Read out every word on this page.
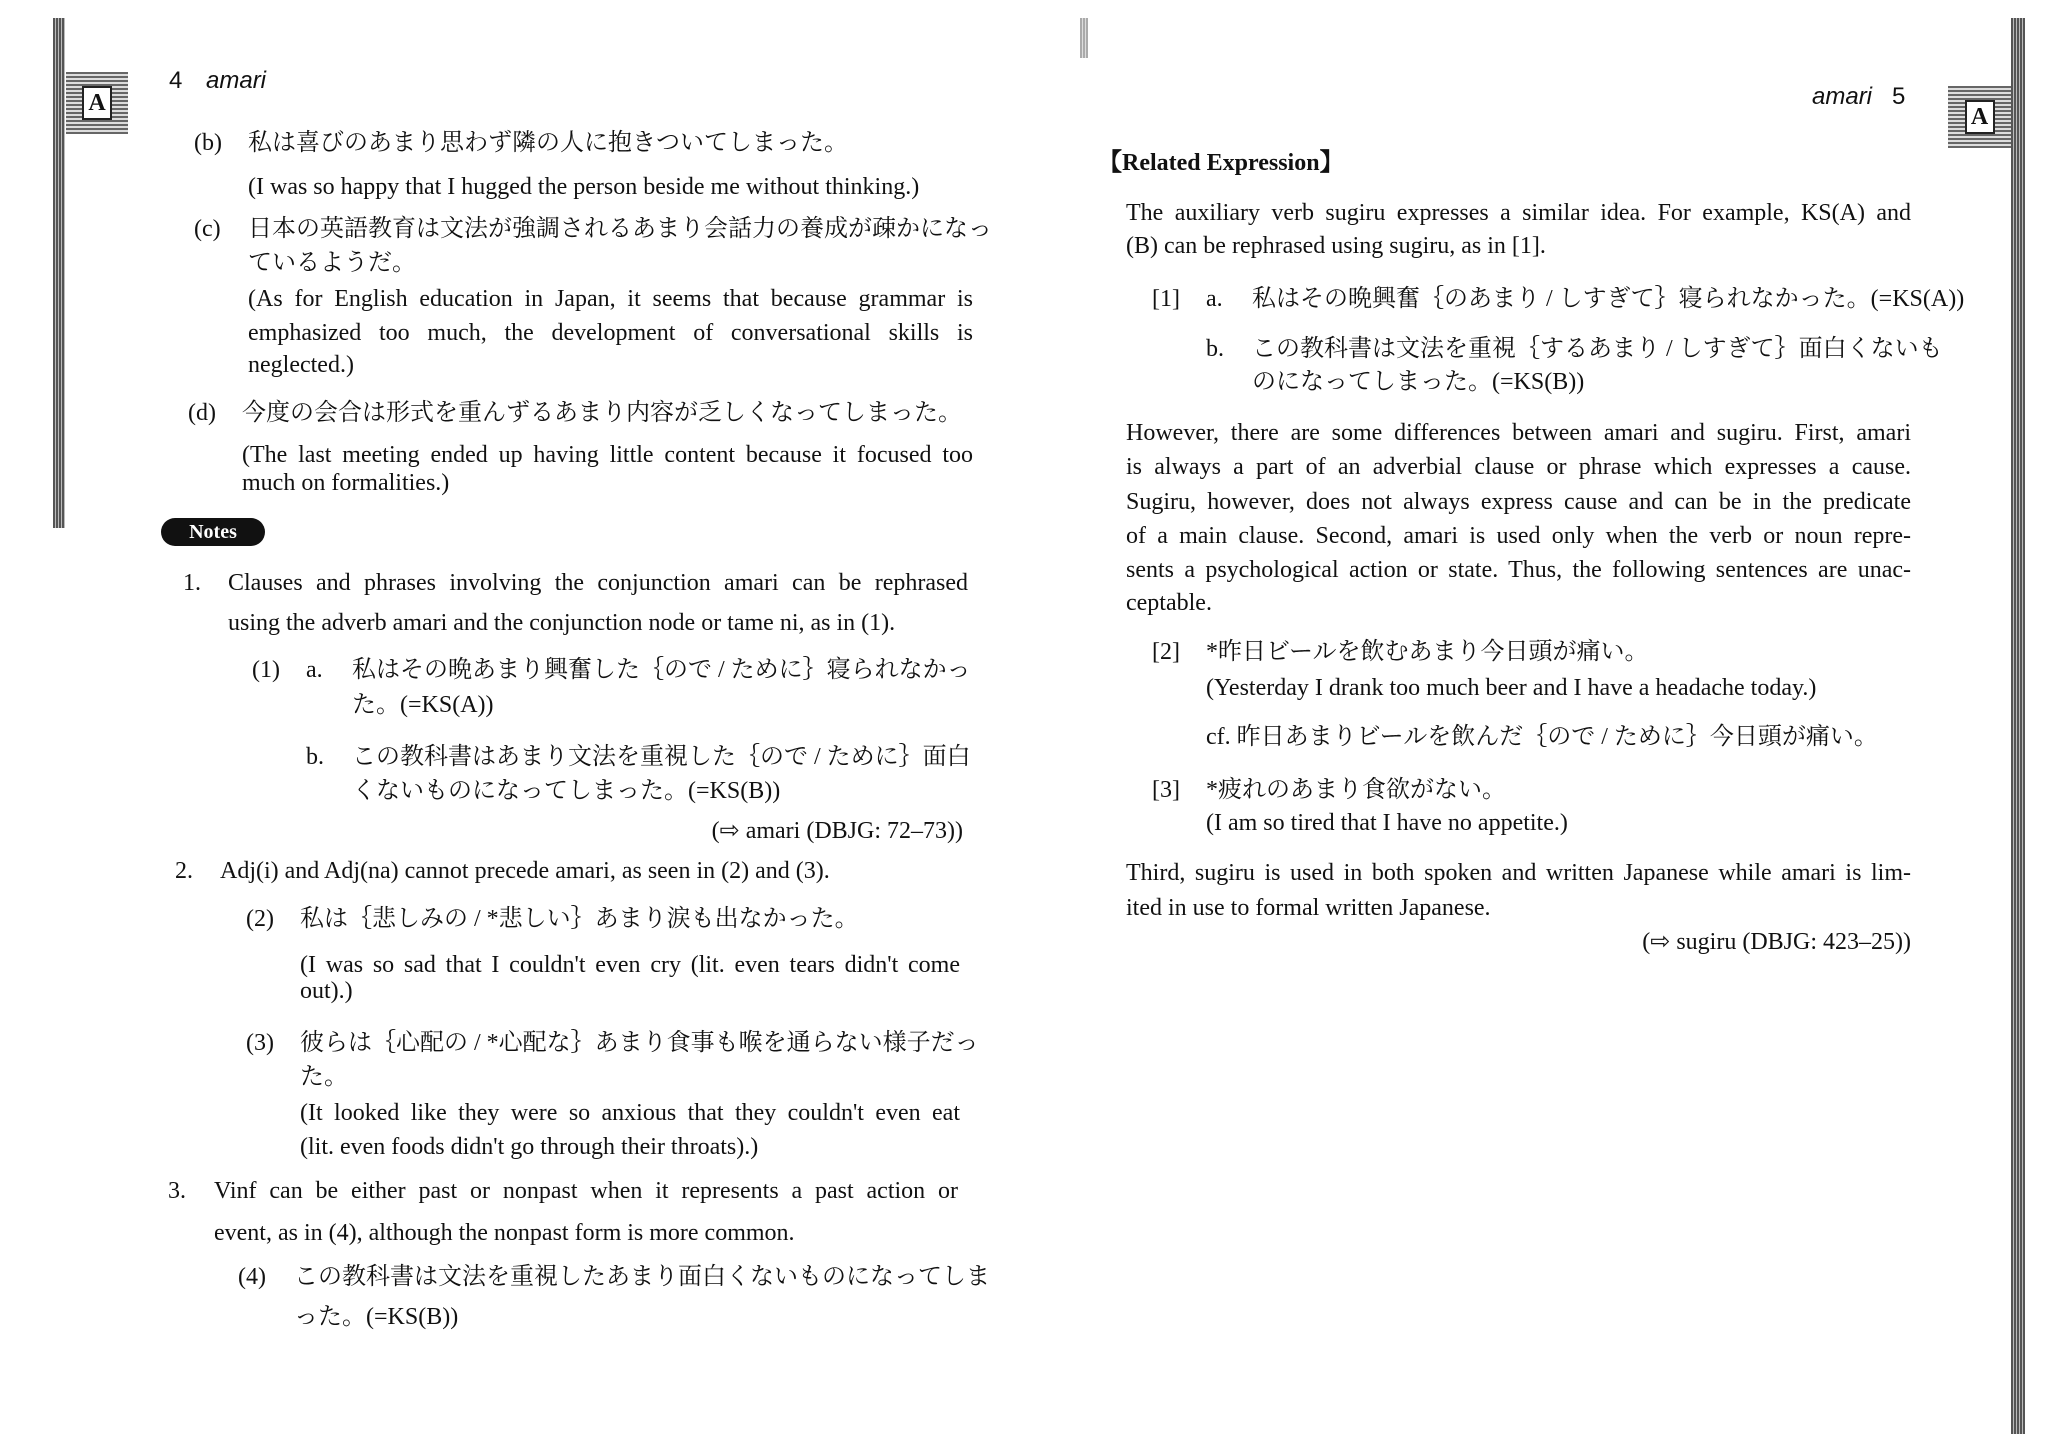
A
4 amari
(b) 私は喜びのあまり思わず隣の人に抱きついてしまった。
(I was so happy that I hugged the person beside me without thinking.)
(c) 日本の英語教育は文法が強調されるあまり会話力の養成が疎かになっ
ているようだ。
(As for English education in Japan, it seems that because grammar is
emphasized too much, the development of conversational skills is
neglected.)
(d) 今度の会合は形式を重んずるあまり内容が乏しくなってしまった。
(The last meeting ended up having little content because it focused too
much on formalities.)
Notes
1. Clauses and phrases involving the conjunction amari can be rephrased
using the adverb amari and the conjunction node or tame ni, as in (1).
(1) a. 私はその晩あまり興奮した｛ので / ために｝寝られなかっ
た。(=KS(A))
b. この教科書はあまり文法を重視した｛ので / ために｝面白
くないものになってしまった。(=KS(B))
(⇨ amari (DBJG: 72–73))
2. Adj(i) and Adj(na) cannot precede amari, as seen in (2) and (3).
(2) 私は｛悲しみの / *悲しい｝あまり涙も出なかった。
(I was so sad that I couldn't even cry (lit. even tears didn't come
out).)
(3) 彼らは｛心配の / *心配な｝あまり食事も喉を通らない様子だっ
た。
(It looked like they were so anxious that they couldn't even eat
(lit. even foods didn't go through their throats).)
3. Vinf can be either past or nonpast when it represents a past action or
event, as in (4), although the nonpast form is more common.
(4) この教科書は文法を重視したあまり面白くないものになってしま
った。(=KS(B))
A
amari 5
【Related Expression】
The auxiliary verb sugiru expresses a similar idea. For example, KS(A) and
(B) can be rephrased using sugiru, as in [1].
[1] a. 私はその晩興奮｛のあまり / しすぎて｝寝られなかった。(=KS(A))
b. この教科書は文法を重視｛するあまり / しすぎて｝面白くないも
のになってしまった。(=KS(B))
However, there are some differences between amari and sugiru. First, amari
is always a part of an adverbial clause or phrase which expresses a cause.
Sugiru, however, does not always express cause and can be in the predicate
of a main clause. Second, amari is used only when the verb or noun repre-
sents a psychological action or state. Thus, the following sentences are unac-
ceptable.
[2] *昨日ビールを飲むあまり今日頭が痛い。
(Yesterday I drank too much beer and I have a headache today.)
cf. 昨日あまりビールを飲んだ｛ので / ために｝今日頭が痛い。
[3] *疲れのあまり食欲がない。
(I am so tired that I have no appetite.)
Third, sugiru is used in both spoken and written Japanese while amari is lim-
ited in use to formal written Japanese.
(⇨ sugiru (DBJG: 423–25))
